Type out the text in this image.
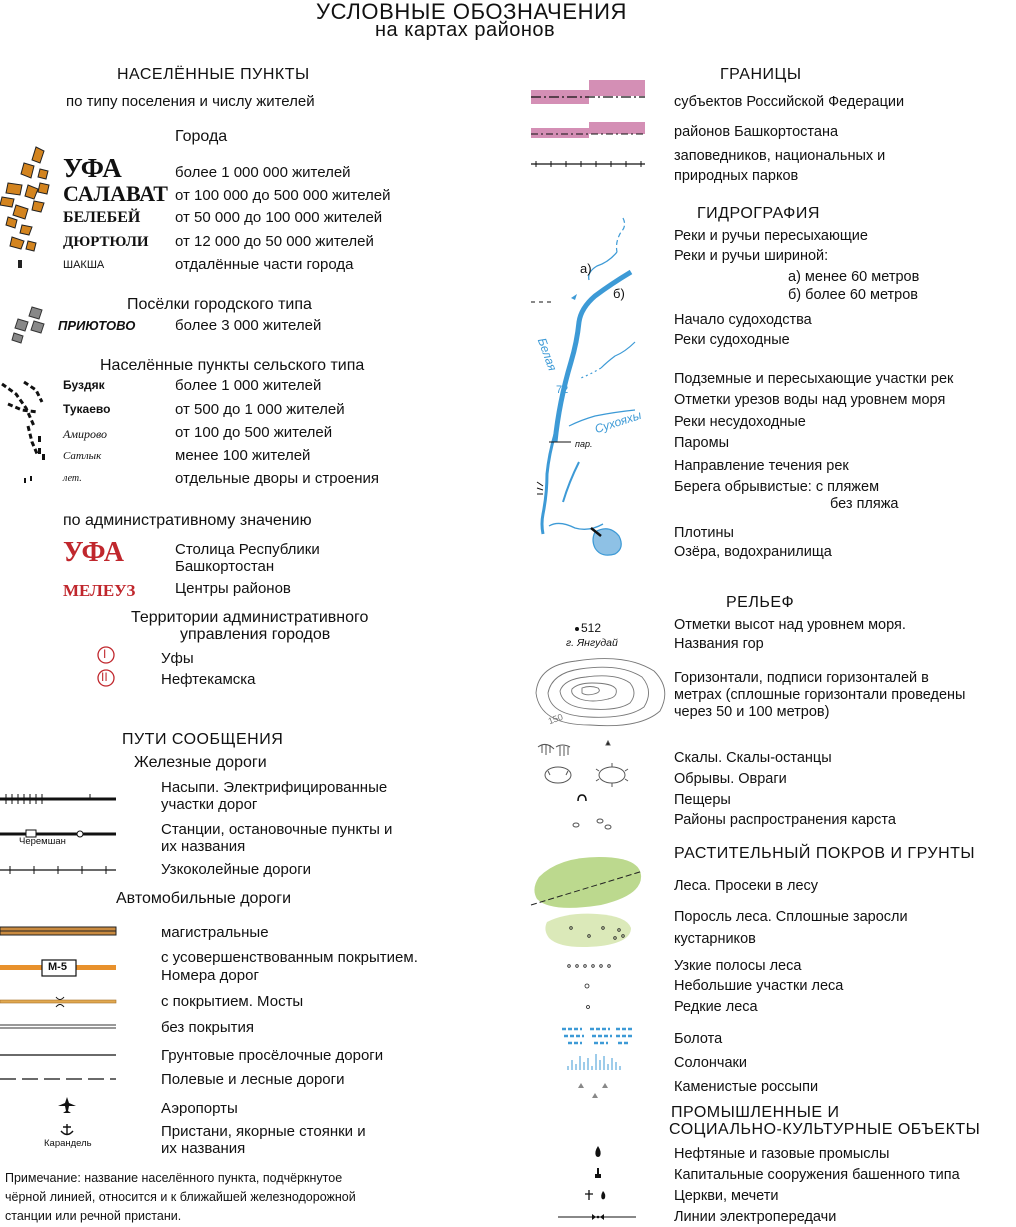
УСЛОВНЫЕ ОБОЗНАЧЕНИЯ
на картах районов
НАСЕЛЁННЫЕ ПУНКТЫ
по типу поселения и числу жителей
Города
УФА	более 1 000 000 жителей
САЛАВАТ от 100 000 до 500 000 жителей
БЕЛЕБЕЙ от 50 000 до 100 000 жителей
ДЮРТЮЛИ от 12 000 до 50 000 жителей
ШАКША	отдалённые части города
Посёлки городского типа
ПРИЮТОВО	более 3 000 жителей
Населённые пункты сельского типа
Буздяк	более 1 000 жителей
Тукаево	от 500 до 1 000 жителей
Амирово	от 100 до 500 жителей
Сатлык	менее 100 жителей
лет.	отдельные дворы и строения
по административному значению
УФА	Столица Республики
Башкортостан
МЕЛЕУЗ	Центры районов
Территории административного
управления городов
I	Уфы
II	Нефтекамска
ПУТИ СООБЩЕНИЯ
Железные дороги
Насыпи. Электрифицированные
участки дорог
Черемшан
Станции, остановочные пункты и
их названия
Узкоколейные дороги
Автомобильные дороги
магистральные
М-5
с усовершенствованным покрытием.
Номера дорог
с покрытием. Мосты
без покрытия
Грунтовые просёлочные дороги
Полевые и лесные дороги
Аэропорты
Карандель
Пристани, якорные стоянки и
их названия
Примечание: название населённого пункта, подчёркнутое
чёрной линией, относится и к ближайшей железнодорожной
станции или речной пристани.
ГРАНИЦЫ
субъектов Российской Федерации
районов Башкортостана
заповедников, национальных и
природных парков
ГИДРОГРАФИЯ
а)
б)
Белая
72
Сухояхы
пар.
Реки и ручьи пересыхающие
Реки и ручьи шириной:
а) менее 60 метров
б) более 60 метров
Начало судоходства
Реки судоходные
Подземные и пересыхающие участки рек
Отметки урезов воды над уровнем моря
Реки несудоходные
Паромы
Направление течения рек
Берега обрывистые: с пляжем
без пляжа
Плотины
Озёра, водохранилища
РЕЛЬЕФ
512
г. Янгудай
150
Отметки высот над уровнем моря.
Названия гор
Горизонтали, подписи горизонталей в
метрах (сплошные горизонтали проведены
через 50 и 100 метров)
Скалы. Скалы-останцы
Обрывы. Овраги
Пещеры
Районы распространения карста
РАСТИТЕЛЬНЫЙ ПОКРОВ И ГРУНТЫ
Леса. Просеки в лесу
Поросль леса. Сплошные заросли
кустарников
Узкие полосы леса
Небольшие участки леса
Редкие леса
Болота
Солончаки
Каменистые россыпи
ПРОМЫШЛЕННЫЕ И
СОЦИАЛЬНО-КУЛЬТУРНЫЕ ОБЪЕКТЫ
Нефтяные и газовые промыслы
Капитальные сооружения башенного типа
Церкви, мечети
Линии электропередачи
